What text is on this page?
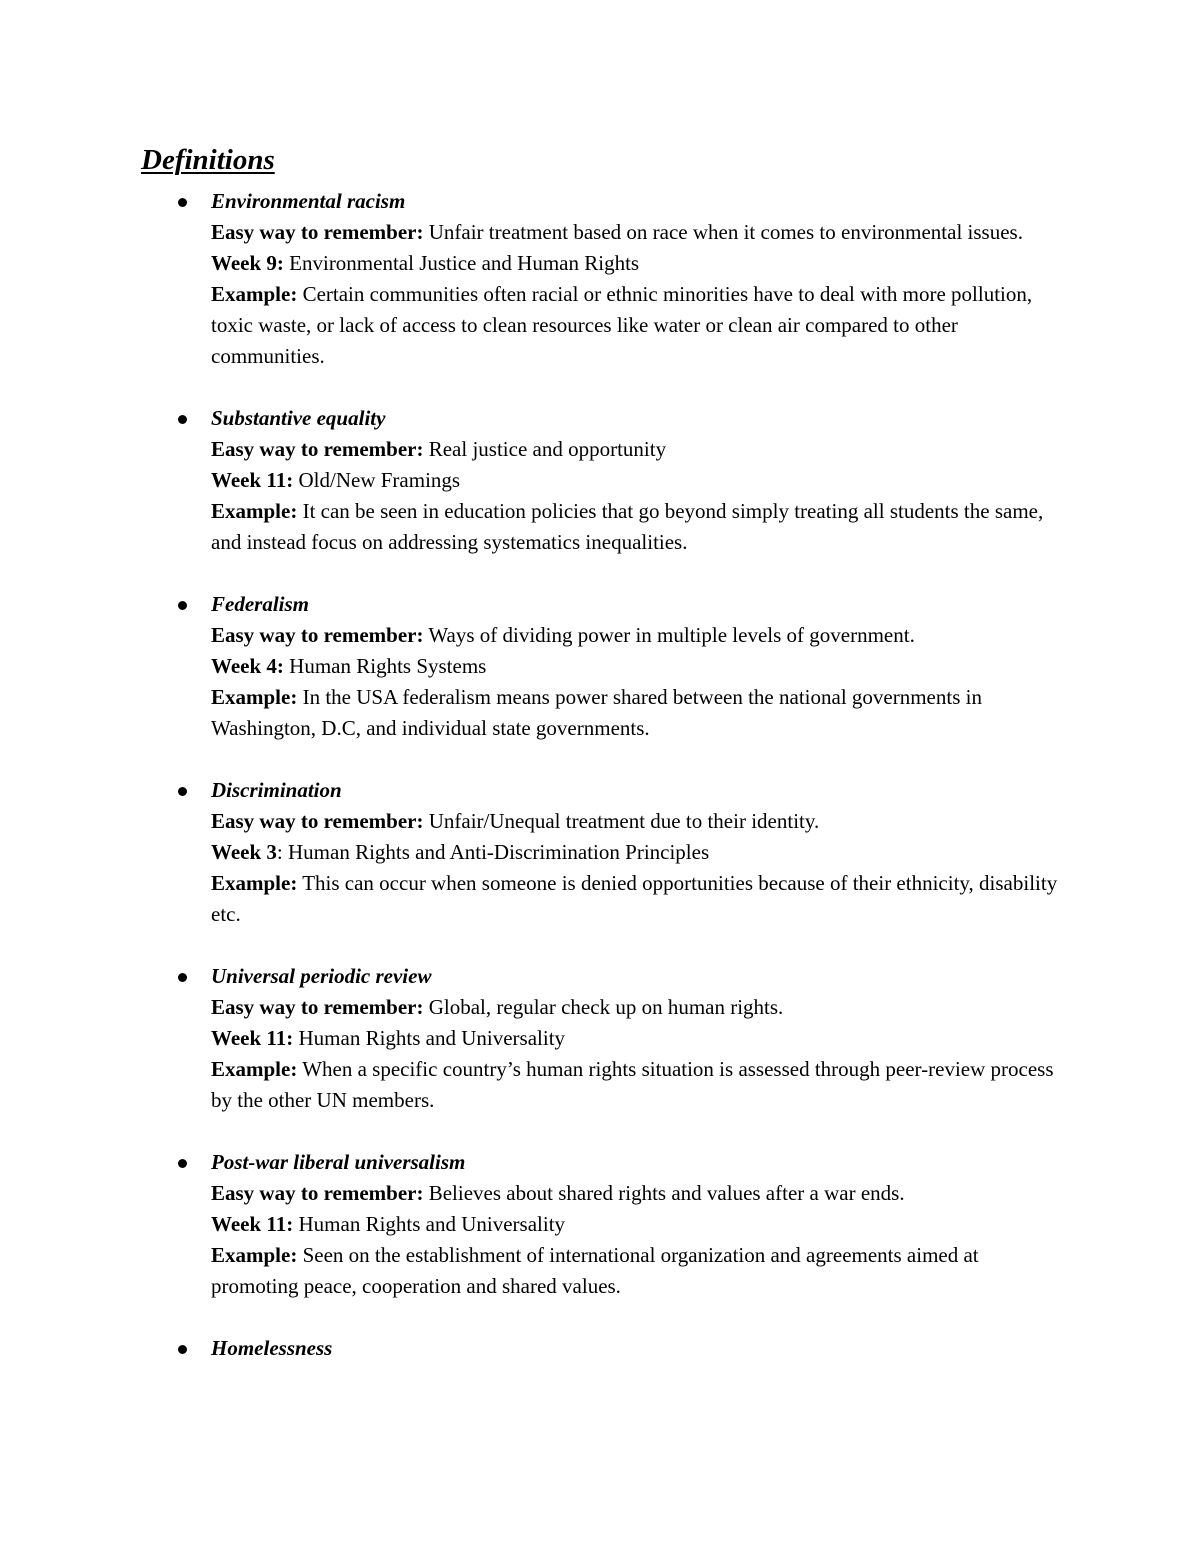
Definitions
Environmental racism
Easy way to remember: Unfair treatment based on race when it comes to environmental issues.
Week 9: Environmental Justice and Human Rights
Example: Certain communities often racial or ethnic minorities have to deal with more pollution, toxic waste, or lack of access to clean resources like water or clean air compared to other communities.
Substantive equality
Easy way to remember: Real justice and opportunity
Week 11: Old/New Framings
Example: It can be seen in education policies that go beyond simply treating all students the same, and instead focus on addressing systematics inequalities.
Federalism
Easy way to remember: Ways of dividing power in multiple levels of government.
Week 4: Human Rights Systems
Example: In the USA federalism means power shared between the national governments in Washington, D.C, and individual state governments.
Discrimination
Easy way to remember: Unfair/Unequal treatment due to their identity.
Week 3: Human Rights and Anti-Discrimination Principles
Example: This can occur when someone is denied opportunities because of their ethnicity, disability etc.
Universal periodic review
Easy way to remember: Global, regular check up on human rights.
Week 11: Human Rights and Universality
Example: When a specific country’s human rights situation is assessed through peer-review process by the other UN members.
Post-war liberal universalism
Easy way to remember: Believes about shared rights and values after a war ends.
Week 11: Human Rights and Universality
Example: Seen on the establishment of international organization and agreements aimed at promoting peace, cooperation and shared values.
Homelessness
